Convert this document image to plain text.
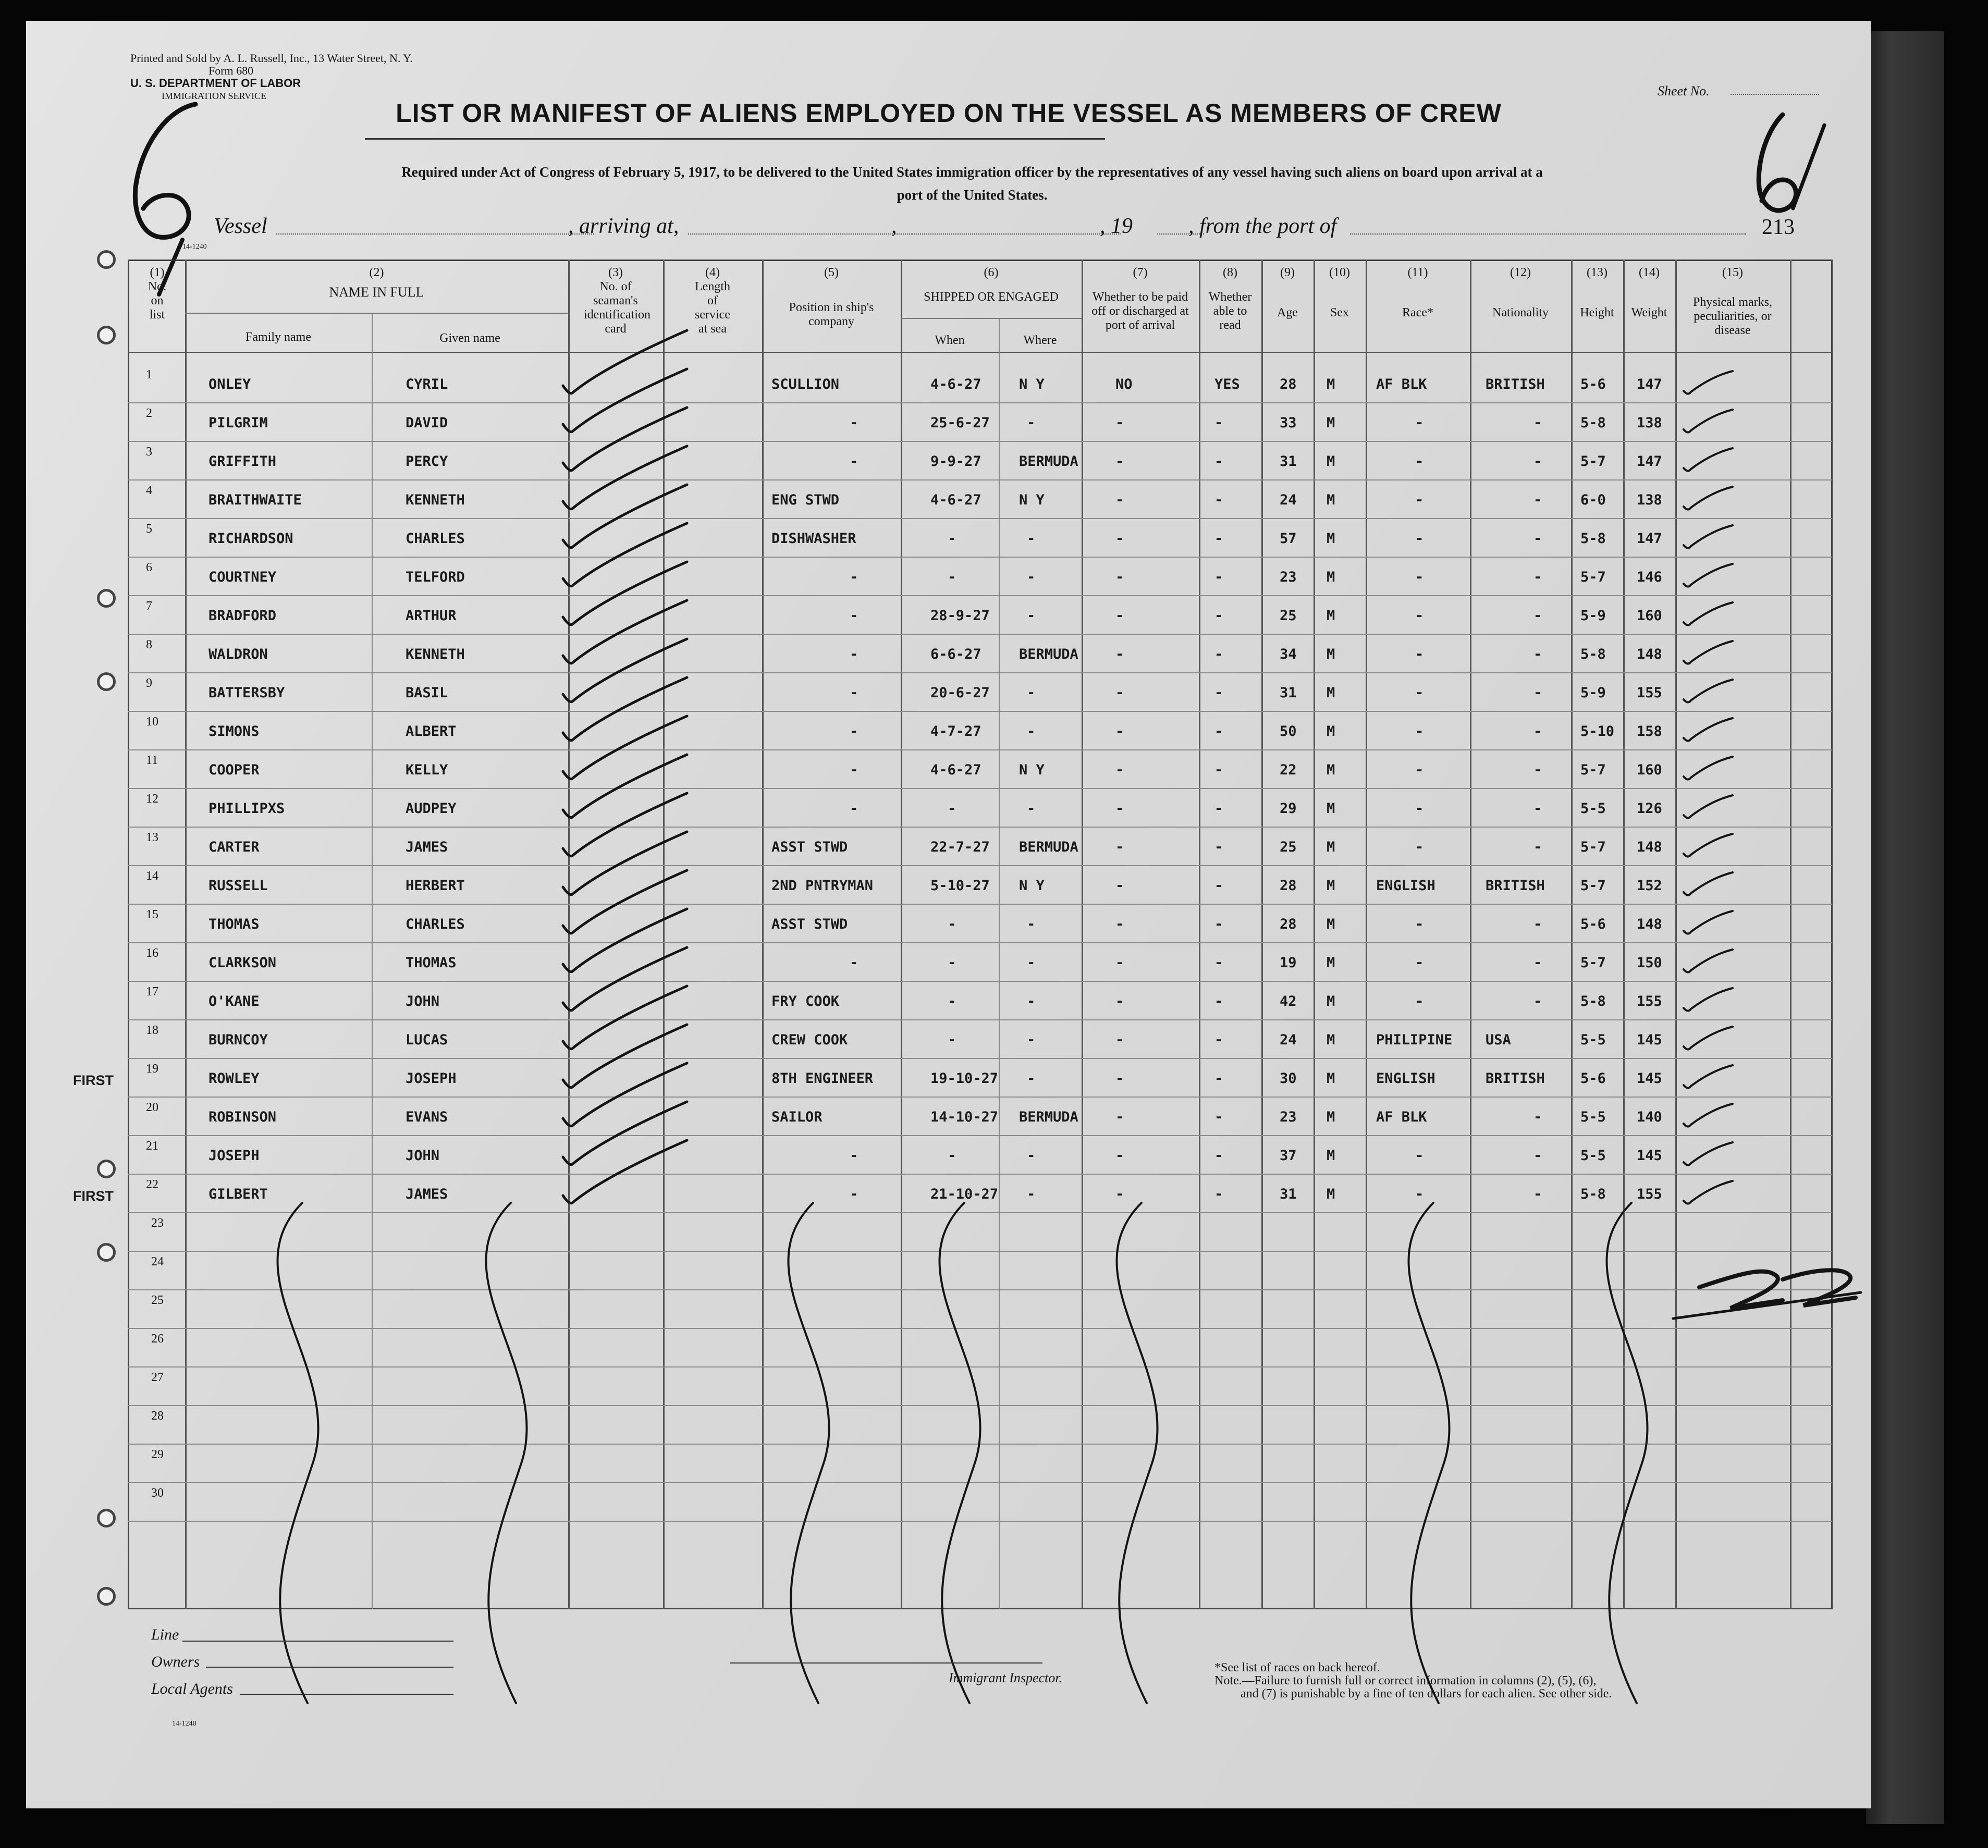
Printed and Sold by A. L. Russell, Inc., 13 Water Street, N. Y.
Form 680
U. S. DEPARTMENT OF LABOR
IMMIGRATION SERVICE	Sheet No.
LIST OR MANIFEST OF ALIENS EMPLOYED ON THE VESSEL AS MEMBERS OF CREW
Required under Act of Congress of February 5, 1917, to be delivered to the United States immigration officer by the representatives of any vessel having such aliens on board upon arrival at a
port of the United States.
Vessel	, arriving at,	,	, 19	, from the port of	213
14-1240
(1)
No. on list
(2)
NAME IN FULL
Family name	Given name
(3)
No. of seaman's identification card
(4)
Length of service at sea
(5)
Position in ship's company
(6)
SHIPPED OR ENGAGED
When	Where
(7)
Whether to be paid off or discharged at port of arrival
(8)
Whether able to read
(9)
Age
(10)
Sex
(11)
Race*
(12)
Nationality
(13)
Height
(14)
Weight
(15)
Physical marks, peculiarities, or disease
1
ONLEY	CYRIL	SCULLION	4-6-27	N Y	NO	YES	28 M	AF BLK	BRITISH	5-6 147
2
PILGRIM	DAVID	-	25-6-27	-	-	-	33 M	-	-	5-8 138
3
GRIFFITH	PERCY	-	9-9-27	BERMUDA	-	-	31 M	-	-	5-7 147
4
BRAITHWAITE	KENNETH	ENG STWD	4-6-27	N Y	-	-	24 M	-	-	6-0 138
5
RICHARDSON	CHARLES	DISHWASHER	-	-	-	-	57 M	-	-	5-8 147
6
COURTNEY	TELFORD	-	-	-	-	-	23 M	-	-	5-7 146
7
BRADFORD	ARTHUR	-	28-9-27	-	-	-	25 M	-	-	5-9 160
8
WALDRON	KENNETH	-	6-6-27	BERMUDA	-	-	34 M	-	-	5-8 148
9
BATTERSBY	BASIL	-	20-6-27	-	-	-	31 M	-	-	5-9 155
10
SIMONS	ALBERT	-	4-7-27	-	-	-	50 M	-	-	5-10 158
11
COOPER	KELLY	-	4-6-27	N Y	-	-	22 M	-	-	5-7 160
12
PHILLIPXS	AUDPEY	-	-	-	-	-	29 M	-	-	5-5 126
13
CARTER	JAMES	ASST STWD	22-7-27 BERMUDA	-	-	25 M	-	-	5-7 148
14
RUSSELL	HERBERT	2ND PNTRYMAN	5-10-27 N Y	-	-	28 M	ENGLISH	BRITISH	5-7 152
15
THOMAS	CHARLES	ASST STWD	-	-	-	-	28 M	-	-	5-6 148
16
CLARKSON	THOMAS	-	-	-	-	-	19 M	-	-	5-7 150
17
O'KANE	JOHN	FRY COOK	-	-	-	-	42 M	-	-	5-8 155
18
BURNCOY	LUCAS	CREW COOK	-	-	-	-	24 M	PHILIPINE USA	5-5 145
19
FIRST	ROWLEY	JOSEPH	8TH ENGINEER	19-10-27 -	-	-	30 M	ENGLISH	BRITISH	5-6 145
20
ROBINSON	EVANS	SAILOR	14-10-27 BERMUDA	-	-	23 M	AF BLK	-	5-5 140
21
JOSEPH	JOHN	-	-	-	-	-	37 M	-	-	5-5 145
22
FIRST	GILBERT	JAMES	-	21-10-27 -	-	-	31 M	-	-	5-8 155
23
24
25
26
27
28
29
30
22
Line
Owners
Local Agents
14-1240
Immigrant Inspector.
*See list of races on back hereof.
Note.—Failure to furnish full or correct information in columns (2), (5), (6),
and (7) is punishable by a fine of ten dollars for each alien. See other side.
